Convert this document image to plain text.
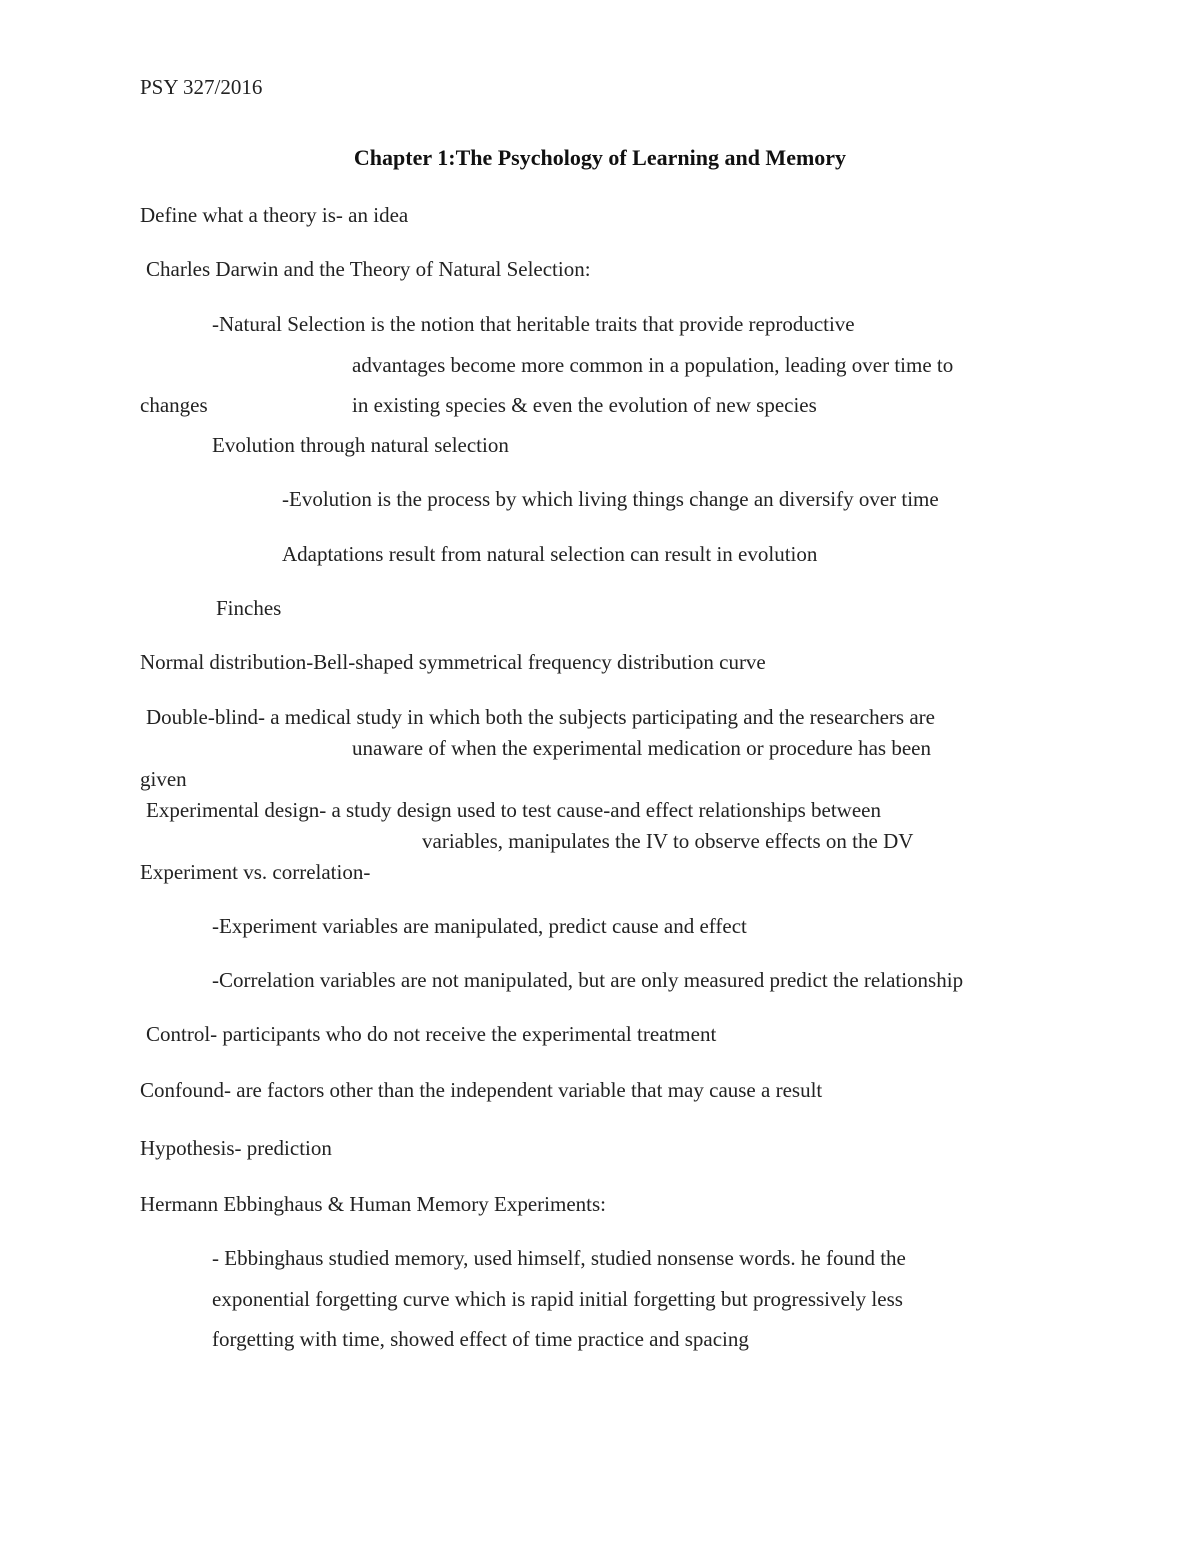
PSY 327/2016
Chapter 1:The Psychology of Learning and Memory
Define what a theory is- an idea
Charles Darwin and the Theory of Natural Selection:
-Natural Selection is the notion that heritable traits that provide reproductive
advantages become more common in a population, leading over time to
changes	in existing species & even the evolution of new species
Evolution through natural selection
-Evolution is the process by which living things change an diversify over time
Adaptations result from natural selection can result in evolution
Finches
Normal distribution-Bell-shaped symmetrical frequency distribution curve
Double-blind- a medical study in which both the subjects participating and the researchers are
unaware of when the experimental medication or procedure has been
given
Experimental design- a study design used to test cause-and effect relationships between
variables, manipulates the IV to observe effects on the DV
Experiment vs. correlation-
-Experiment variables are manipulated, predict cause and effect
-Correlation variables are not manipulated, but are only measured predict the relationship
Control- participants who do not receive the experimental treatment
Confound- are factors other than the independent variable that may cause a result
Hypothesis- prediction
Hermann Ebbinghaus & Human Memory Experiments:
- Ebbinghaus studied memory, used himself, studied nonsense words. he found the
exponential forgetting curve which is rapid initial forgetting but progressively less
forgetting with time, showed effect of time practice and spacing
